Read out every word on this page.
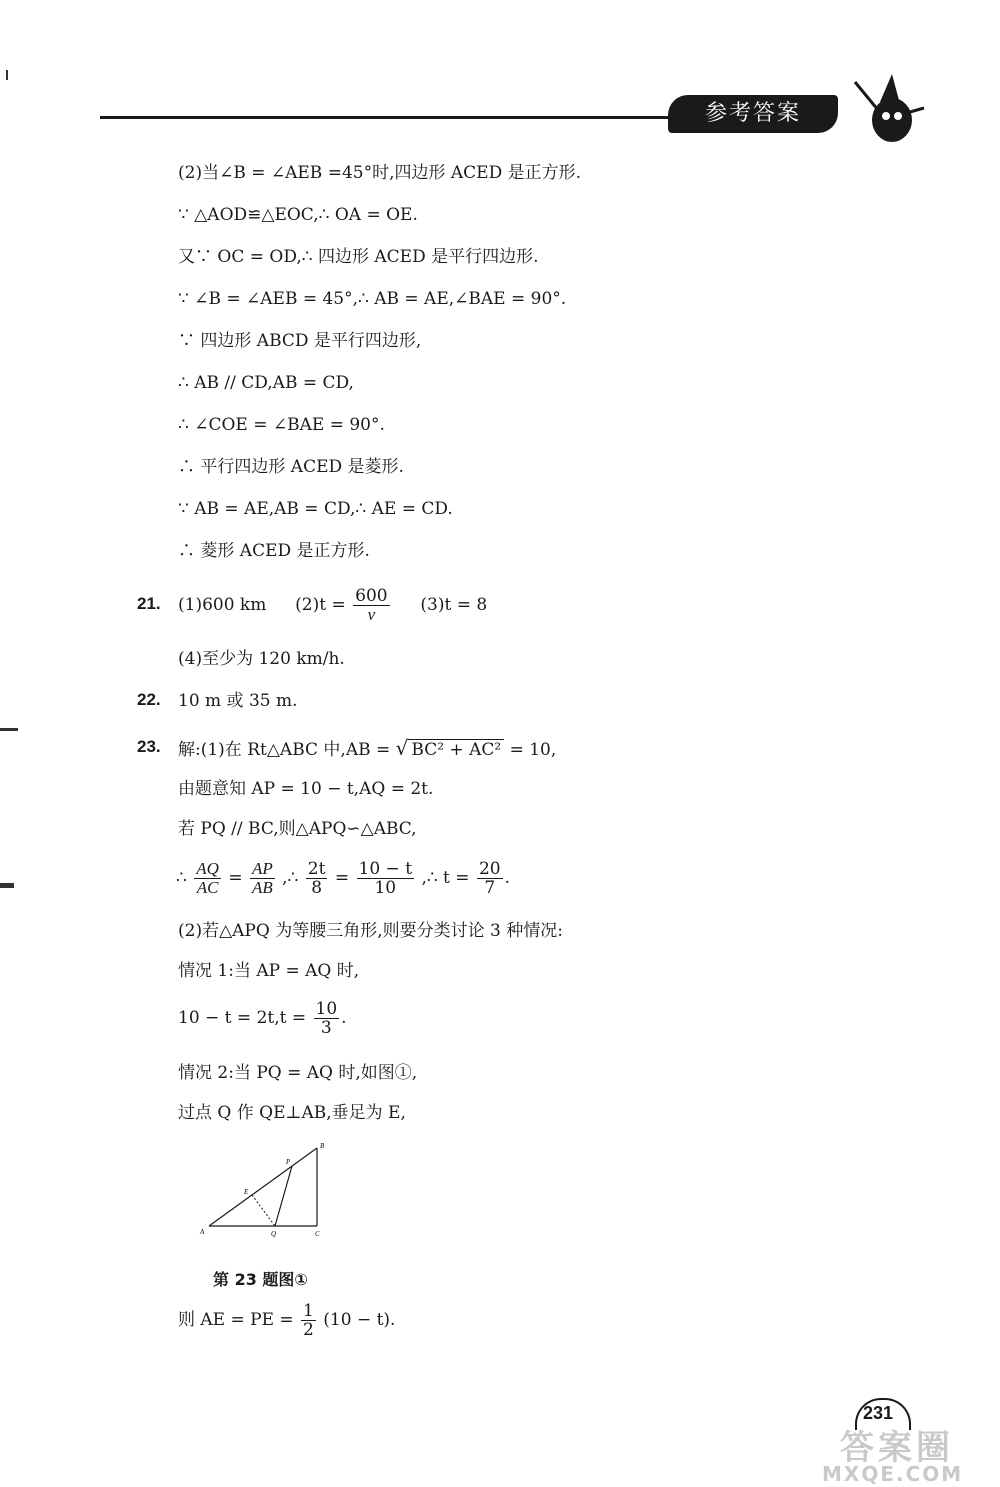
参考答案
(2)当∠B = ∠AEB =45°时,四边形 ACED 是正方形.
∵ △AOD≌△EOC,∴ OA = OE.
又∵ OC = OD,∴ 四边形 ACED 是平行四边形.
∵ ∠B = ∠AEB = 45°,∴ AB = AE,∠BAE = 90°.
∵ 四边形 ABCD 是平行四边形,
∴ AB // CD,AB = CD,
∴ ∠COE = ∠BAE = 90°.
∴ 平行四边形 ACED 是菱形.
∵ AB = AE,AB = CD,∴ AE = CD.
∴ 菱形 ACED 是正方形.
21. (1)600 km $(2)t = \frac{600}{v} (3)t = 8$
(4)至少为 120 km/h.
22. 10 m 或 35 m.
23. 解:(1)在 Rt△ABC 中,AB = √ BC² + AC² = 10,
由题意知 AP = 10 − t,AQ = 2t.
若 PQ // BC,则△APQ∽△ABC,
∴ $\frac{AQ}{AC} = \frac{AP}{AB}$ ,∴ $\frac{2t}{8} = \frac{10 - t}{10}$ ,∴ $t = \frac{20}{7}$ .
(2)若△APQ 为等腰三角形,则要分类讨论 3 种情况:
情况 1:当 AP = AQ 时,
$10 - t = 2t,t = \frac{10}{3}$ .
情况 2:当 PQ = AQ 时,如图①,
过点 Q 作 QE⊥AB,垂足为 E,
A
B
C
P
E
Q
第 23 题图①
则 AE = PE = $\frac{1}{2} (10 - t)$.
231
答案圈
MXQE.COM
